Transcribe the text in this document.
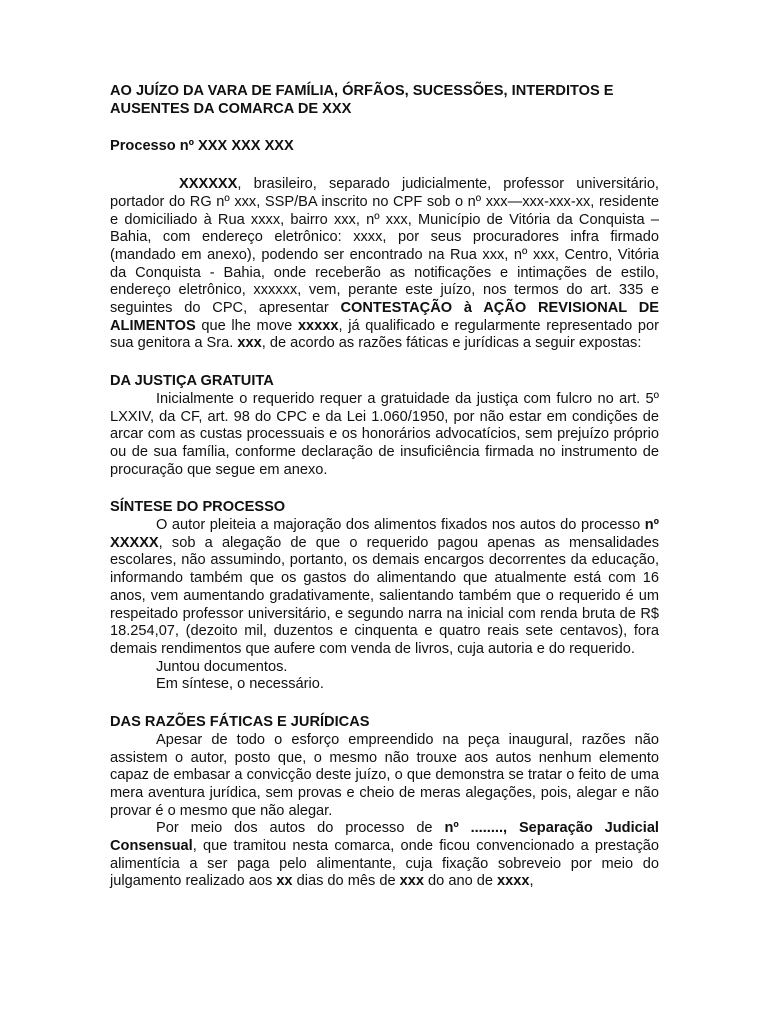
AO JUÍZO DA VARA DE FAMÍLIA, ÓRFÃOS, SUCESSÕES, INTERDITOS E AUSENTES DA COMARCA DE XXX

Processo nº XXX XXX XXX

XXXXXX, brasileiro, separado judicialmente, professor universitário, portador do RG nº xxx, SSP/BA inscrito no CPF sob o nº xxx—xxx-xxx-xx, residente e domiciliado à Rua xxxx, bairro xxx, nº xxx, Município de Vitória da Conquista – Bahia, com endereço eletrônico: xxxx, por seus procuradores infra firmado (mandado em anexo), podendo ser encontrado na Rua xxx, nº xxx, Centro, Vitória da Conquista - Bahia, onde receberão as notificações e intimações de estilo, endereço eletrônico, xxxxxx, vem, perante este juízo, nos termos do art. 335 e seguintes do CPC, apresentar CONTESTAÇÃO à AÇÃO REVISIONAL DE ALIMENTOS que lhe move xxxxx, já qualificado e regularmente representado por sua genitora a Sra. xxx, de acordo as razões fáticas e jurídicas a seguir expostas:

DA JUSTIÇA GRATUITA

Inicialmente o requerido requer a gratuidade da justiça com fulcro no art. 5º LXXIV, da CF, art. 98 do CPC e da Lei 1.060/1950, por não estar em condições de arcar com as custas processuais e os honorários advocatícios, sem prejuízo próprio ou de sua família, conforme declaração de insuficiência firmada no instrumento de procuração que segue em anexo.

SÍNTESE DO PROCESSO

O autor pleiteia a majoração dos alimentos fixados nos autos do processo nº XXXXX, sob a alegação de que o requerido pagou apenas as mensalidades escolares, não assumindo, portanto, os demais encargos decorrentes da educação, informando também que os gastos do alimentando que atualmente está com 16 anos, vem aumentando gradativamente, salientando também que o requerido é um respeitado professor universitário, e segundo narra na inicial com renda bruta de R$ 18.254,07, (dezoito mil, duzentos e cinquenta e quatro reais sete centavos), fora demais rendimentos que aufere com venda de livros, cuja autoria e do requerido.

Juntou documentos.

Em síntese, o necessário.

DAS RAZÕES FÁTICAS E JURÍDICAS

Apesar de todo o esforço empreendido na peça inaugural, razões não assistem o autor, posto que, o mesmo não trouxe aos autos nenhum elemento capaz de embasar a convicção deste juízo, o que demonstra se tratar o feito de uma mera aventura jurídica, sem provas e cheio de meras alegações, pois, alegar e não provar é o mesmo que não alegar.

Por meio dos autos do processo de nº ........, Separação Judicial Consensual, que tramitou nesta comarca, onde ficou convencionado a prestação alimentícia a ser paga pelo alimentante, cuja fixação sobreveio por meio do julgamento realizado aos xx dias do mês de xxx do ano de xxxx,
